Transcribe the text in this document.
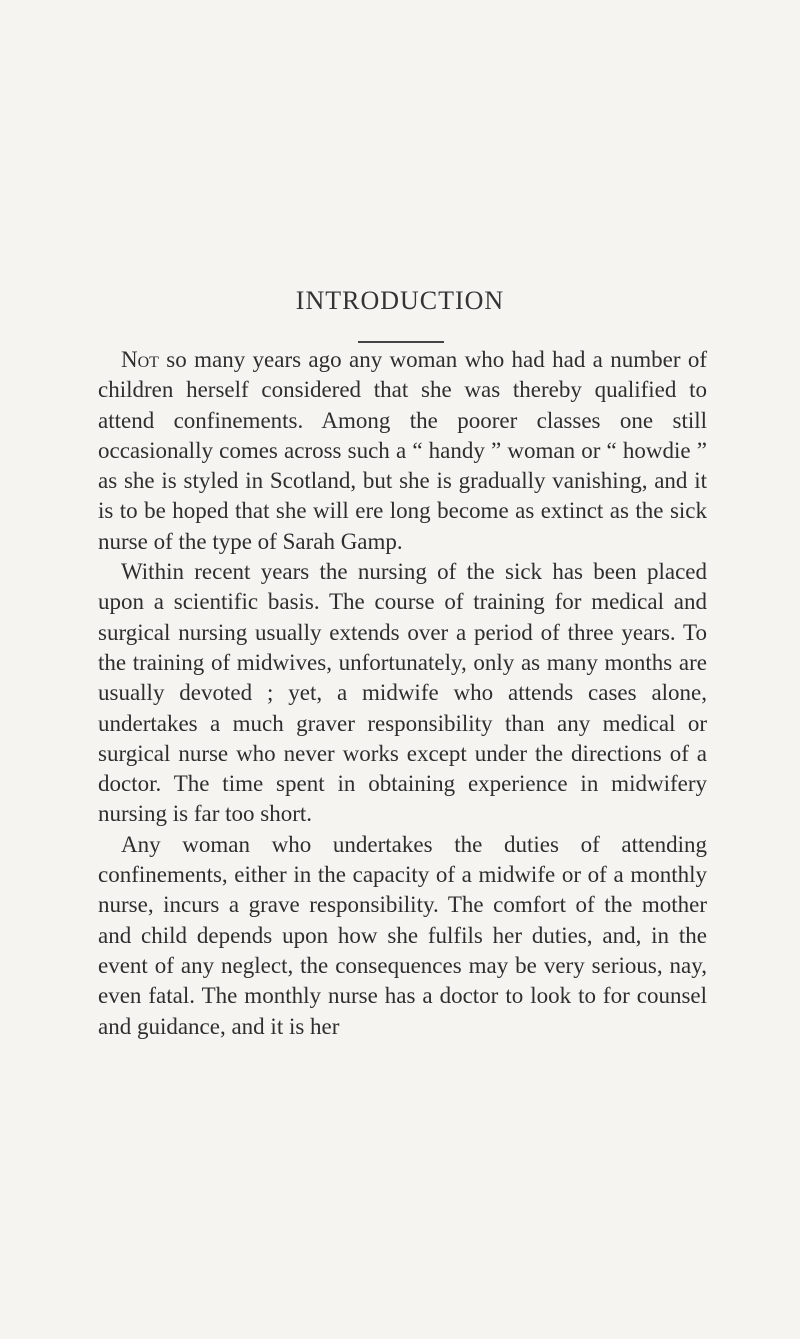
INTRODUCTION

Not so many years ago any woman who had had a number of children herself considered that she was thereby qualified to attend confinements. Among the poorer classes one still occasionally comes across such a “ handy ” woman or “ howdie ” as she is styled in Scotland, but she is gradually vanishing, and it is to be hoped that she will ere long become as extinct as the sick nurse of the type of Sarah Gamp.

Within recent years the nursing of the sick has been placed upon a scientific basis. The course of training for medical and surgical nursing usually extends over a period of three years. To the training of midwives, unfortunately, only as many months are usually devoted ; yet, a midwife who attends cases alone, undertakes a much graver responsibility than any medical or surgical nurse who never works except under the directions of a doctor. The time spent in obtaining experience in midwifery nursing is far too short.

Any woman who undertakes the duties of attending confinements, either in the capacity of a midwife or of a monthly nurse, incurs a grave responsibility. The comfort of the mother and child depends upon how she fulfils her duties, and, in the event of any neglect, the consequences may be very serious, nay, even fatal. The monthly nurse has a doctor to look to for counsel and guidance, and it is her
